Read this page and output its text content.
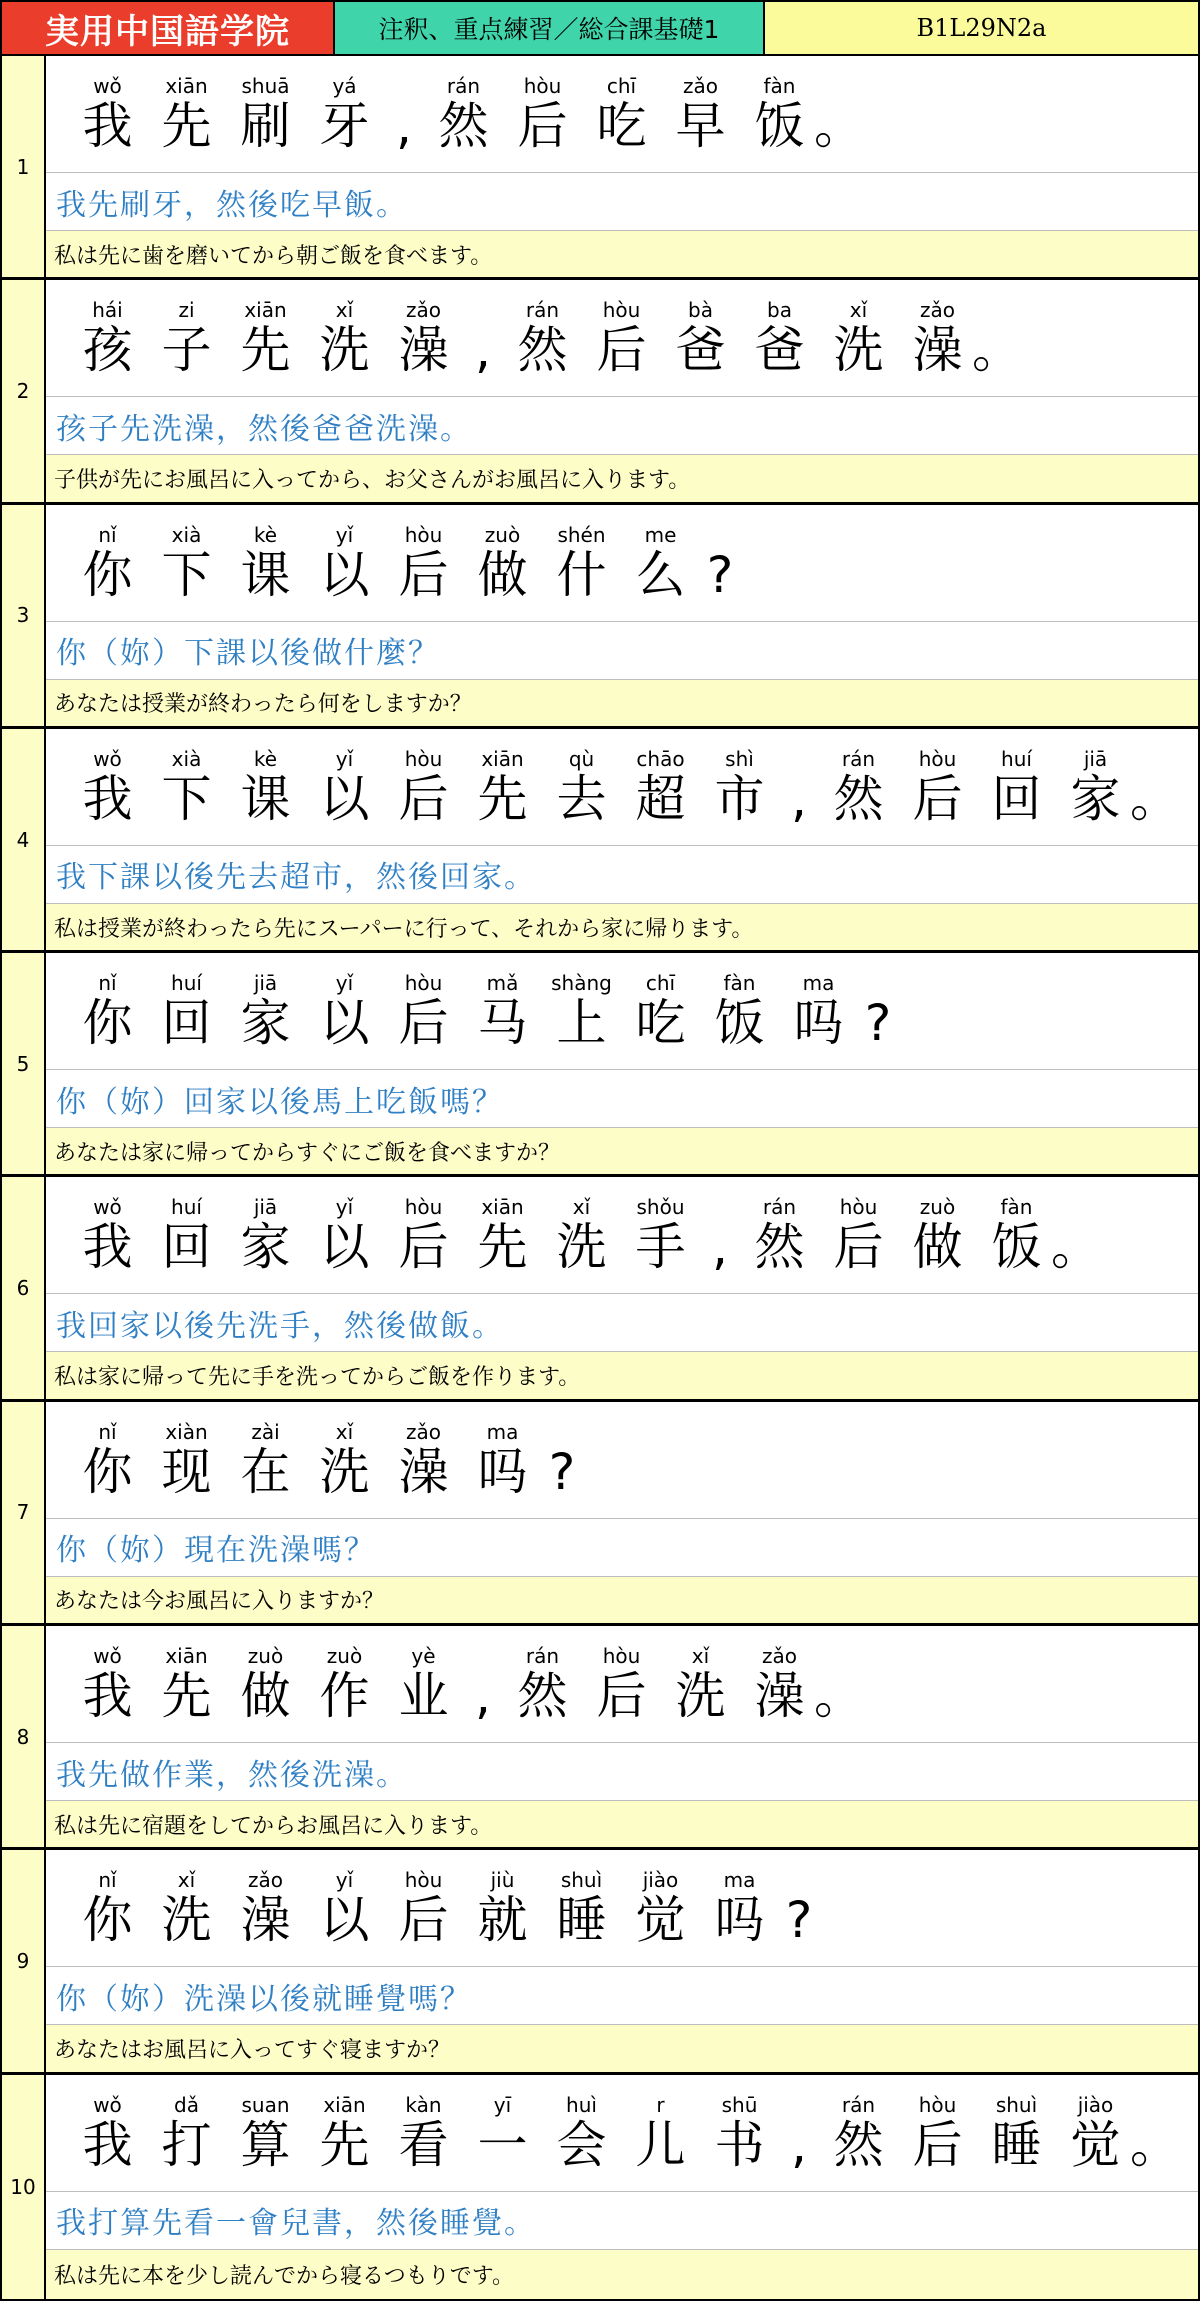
実用中国語学院	注釈、重点練習／総合課基礎1	B1L29N2a
1
wǒ
我
xiān
先
shuā
刷
yá
牙 ,
rán
然
hòu
后
chī
吃
zǎo
早
fàn
饭 。
我先刷牙，然後吃早飯。
私は先に歯を磨いてから朝ご飯を食べます。
2
hái
孩
zi
子
xiān
先
xǐ
洗
zǎo
澡 ,
rán
然
hòu
后
bà
爸
ba
爸
xǐ
洗
zǎo
澡 。
孩子先洗澡，然後爸爸洗澡。
子供が先にお風呂に入ってから、お父さんがお風呂に入ります。
3
nǐ
你
xià
下
kè
课
yǐ
以
hòu
后
zuò
做
shén
什
me
么 ?
你（妳）下課以後做什麼？
あなたは授業が終わったら何をしますか？
4
wǒ
我
xià
下
kè
课
yǐ
以
hòu
后
xiān
先
qù
去
chāo
超
shì
市 ,
rán
然
hòu
后
huí
回
jiā
家 。
我下課以後先去超市，然後回家。
私は授業が終わったら先にスーパーに行って、それから家に帰ります。
5
nǐ
你
huí
回
jiā
家
yǐ
以
hòu
后
mǎ
马
shàng
上
chī
吃
fàn
饭
ma
吗 ?
你（妳）回家以後馬上吃飯嗎？
あなたは家に帰ってからすぐにご飯を食べますか？
6
wǒ
我
huí
回
jiā
家
yǐ
以
hòu
后
xiān
先
xǐ
洗
shǒu
手 ,
rán
然
hòu
后
zuò
做
fàn
饭 。
我回家以後先洗手，然後做飯。
私は家に帰って先に手を洗ってからご飯を作ります。
7
nǐ
你
xiàn
现
zài
在
xǐ
洗
zǎo
澡
ma
吗 ?
你（妳）現在洗澡嗎？
あなたは今お風呂に入りますか？
8
wǒ
我
xiān
先
zuò
做
zuò
作
yè
业 ,
rán
然
hòu
后
xǐ
洗
zǎo
澡 。
我先做作業，然後洗澡。
私は先に宿題をしてからお風呂に入ります。
9
nǐ
你
xǐ
洗
zǎo
澡
yǐ
以
hòu
后
jiù
就
shuì
睡
jiào
觉
ma
吗 ?
你（妳）洗澡以後就睡覺嗎？
あなたはお風呂に入ってすぐ寝ますか？
10
wǒ
我
dǎ
打
suan
算
xiān
先
kàn
看
yī
一
huì
会
r
儿
shū
书 ,
rán
然
hòu
后
shuì
睡
jiào
觉 。
我打算先看一會兒書，然後睡覺。
私は先に本を少し読んでから寝るつもりです。
